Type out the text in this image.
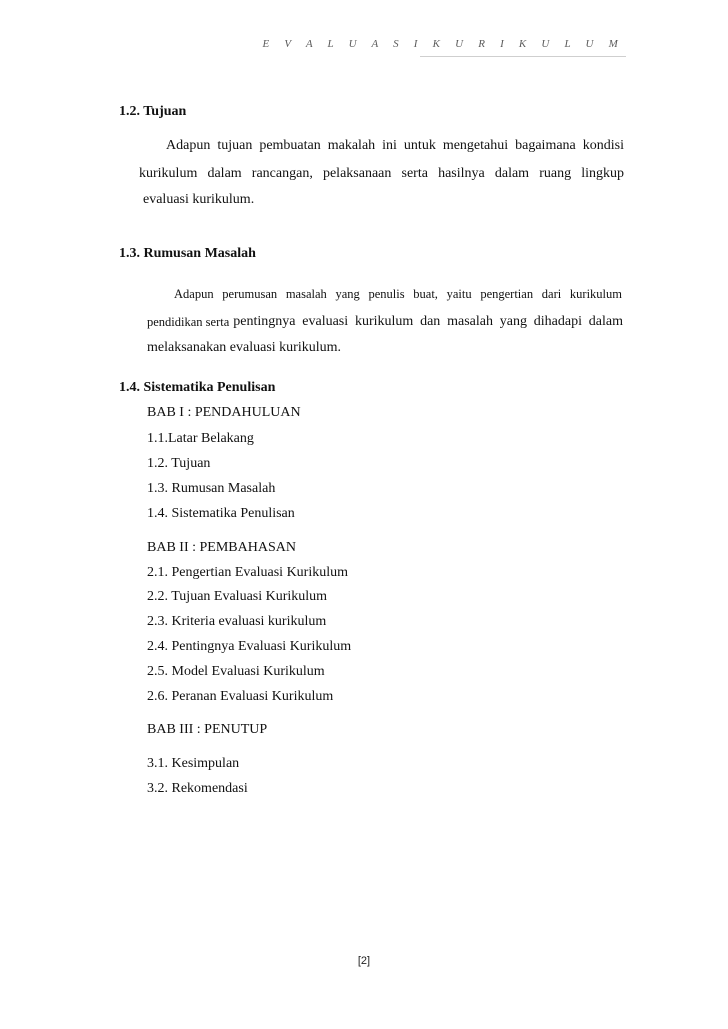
E V A L U A S I K U R I K U L U M
1.2. Tujuan
Adapun tujuan pembuatan makalah ini untuk mengetahui bagaimana kondisi
kurikulum dalam rancangan, pelaksanaan serta hasilnya dalam ruang lingkup
evaluasi kurikulum.
1.3. Rumusan Masalah
Adapun perumusan masalah yang penulis buat, yaitu pengertian dari kurikulum
pendidikan serta pentingnya evaluasi kurikulum dan masalah yang dihadapi dalam
melaksanakan evaluasi kurikulum.
1.4. Sistematika Penulisan
BAB I : PENDAHULUAN
1.1.Latar Belakang
1.2. Tujuan
1.3. Rumusan Masalah
1.4. Sistematika Penulisan
BAB II : PEMBAHASAN
2.1. Pengertian Evaluasi Kurikulum
2.2. Tujuan Evaluasi Kurikulum
2.3. Kriteria evaluasi kurikulum
2.4. Pentingnya Evaluasi Kurikulum
2.5. Model Evaluasi Kurikulum
2.6. Peranan Evaluasi Kurikulum
BAB III : PENUTUP
3.1. Kesimpulan
3.2. Rekomendasi
[2]
